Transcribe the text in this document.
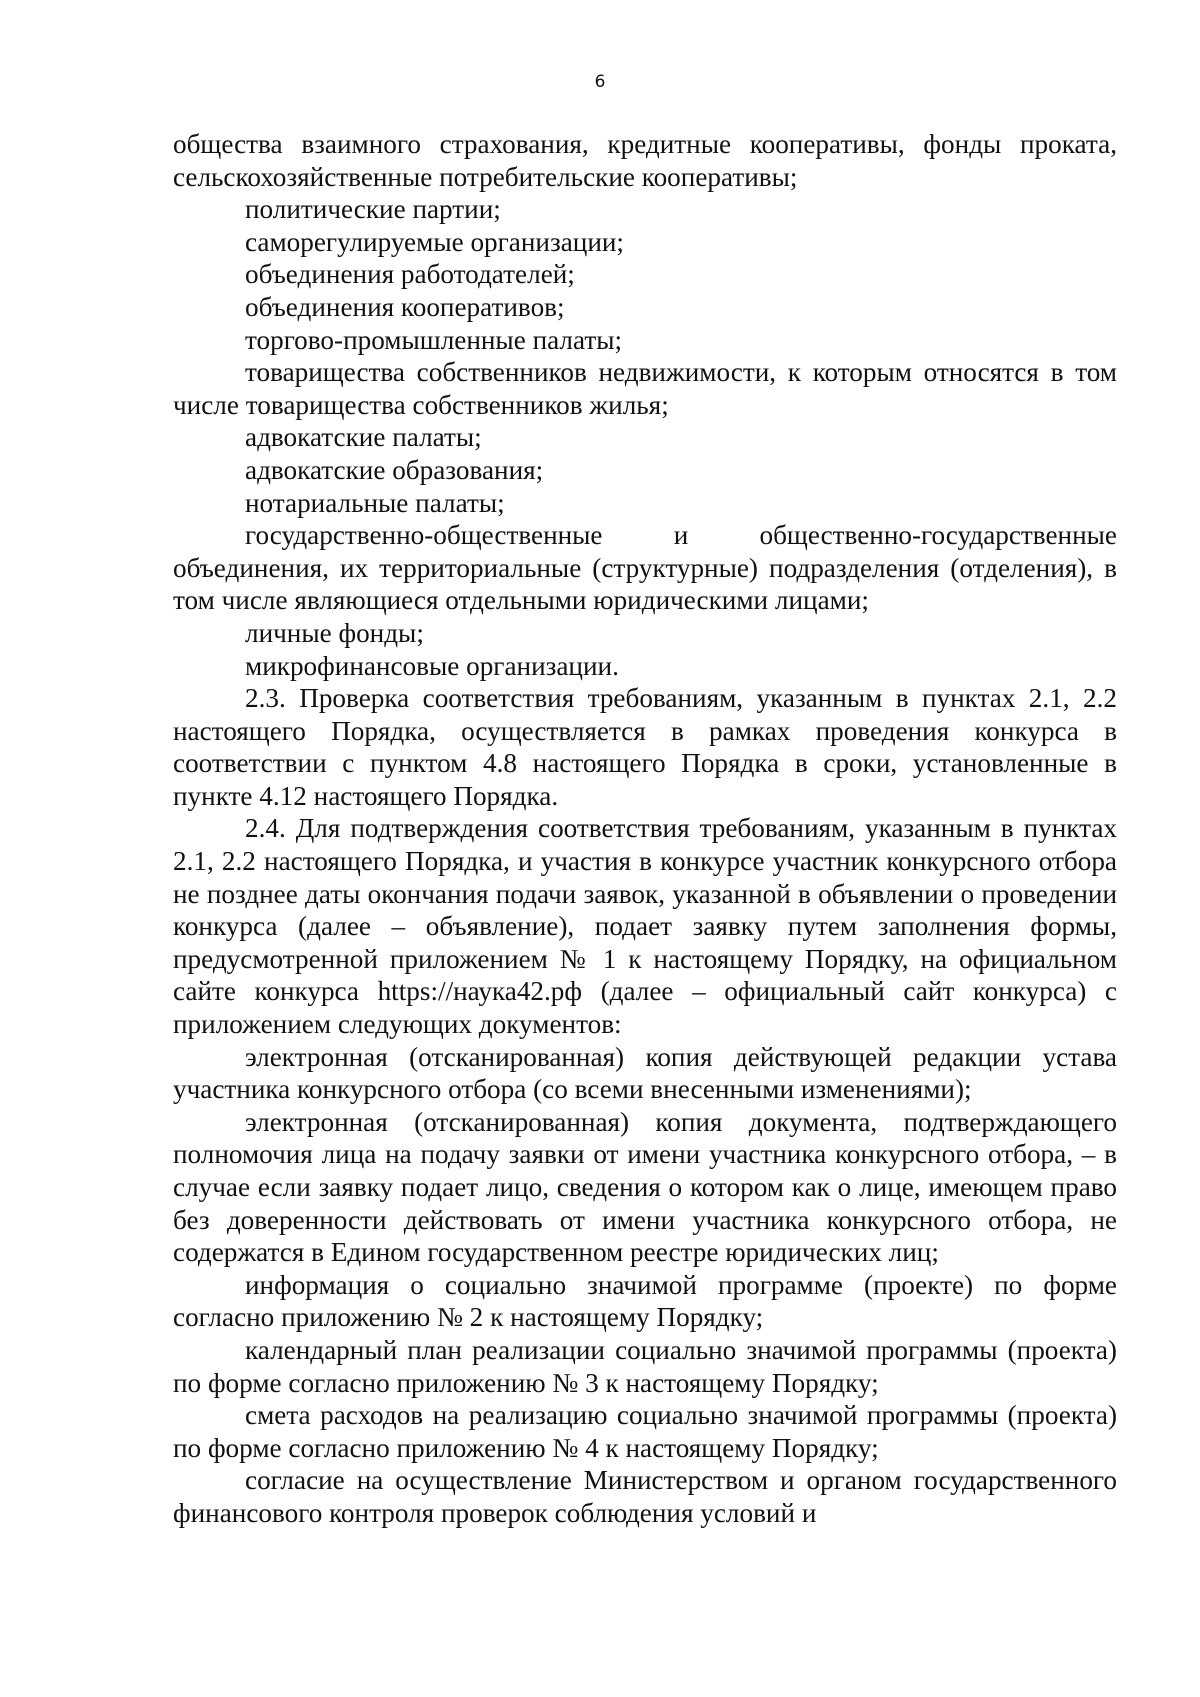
6

общества взаимного страхования, кредитные кооперативы, фонды проката, сельскохозяйственные потребительские кооперативы;

политические партии;

саморегулируемые организации;

объединения работодателей;

объединения кооперативов;

торгово-промышленные палаты;

товарищества собственников недвижимости, к которым относятся в том числе товарищества собственников жилья;

адвокатские палаты;

адвокатские образования;

нотариальные палаты;

государственно-общественные и общественно-государственные объединения, их территориальные (структурные) подразделения (отделения), в том числе являющиеся отдельными юридическими лицами;

личные фонды;

микрофинансовые организации.

2.3. Проверка соответствия требованиям, указанным в пунктах 2.1, 2.2 настоящего Порядка, осуществляется в рамках проведения конкурса в соответствии с пунктом 4.8 настоящего Порядка в сроки, установленные в пункте 4.12 настоящего Порядка.

2.4. Для подтверждения соответствия требованиям, указанным в пунктах 2.1, 2.2 настоящего Порядка, и участия в конкурсе участник конкурсного отбора не позднее даты окончания подачи заявок, указанной в объявлении о проведении конкурса (далее – объявление), подает заявку путем заполнения формы, предусмотренной приложением № 1 к настоящему Порядку, на официальном сайте конкурса https://наука42.рф (далее – официальный сайт конкурса) с приложением следующих документов:

электронная (отсканированная) копия действующей редакции устава участника конкурсного отбора (со всеми внесенными изменениями);

электронная (отсканированная) копия документа, подтверждающего полномочия лица на подачу заявки от имени участника конкурсного отбора, – в случае если заявку подает лицо, сведения о котором как о лице, имеющем право без доверенности действовать от имени участника конкурсного отбора, не содержатся в Едином государственном реестре юридических лиц;

информация о социально значимой программе (проекте) по форме согласно приложению № 2 к настоящему Порядку;

календарный план реализации социально значимой программы (проекта) по форме согласно приложению № 3 к настоящему Порядку;

смета расходов на реализацию социально значимой программы (проекта) по форме согласно приложению № 4 к настоящему Порядку;

согласие на осуществление Министерством и органом государственного финансового контроля проверок соблюдения условий и
